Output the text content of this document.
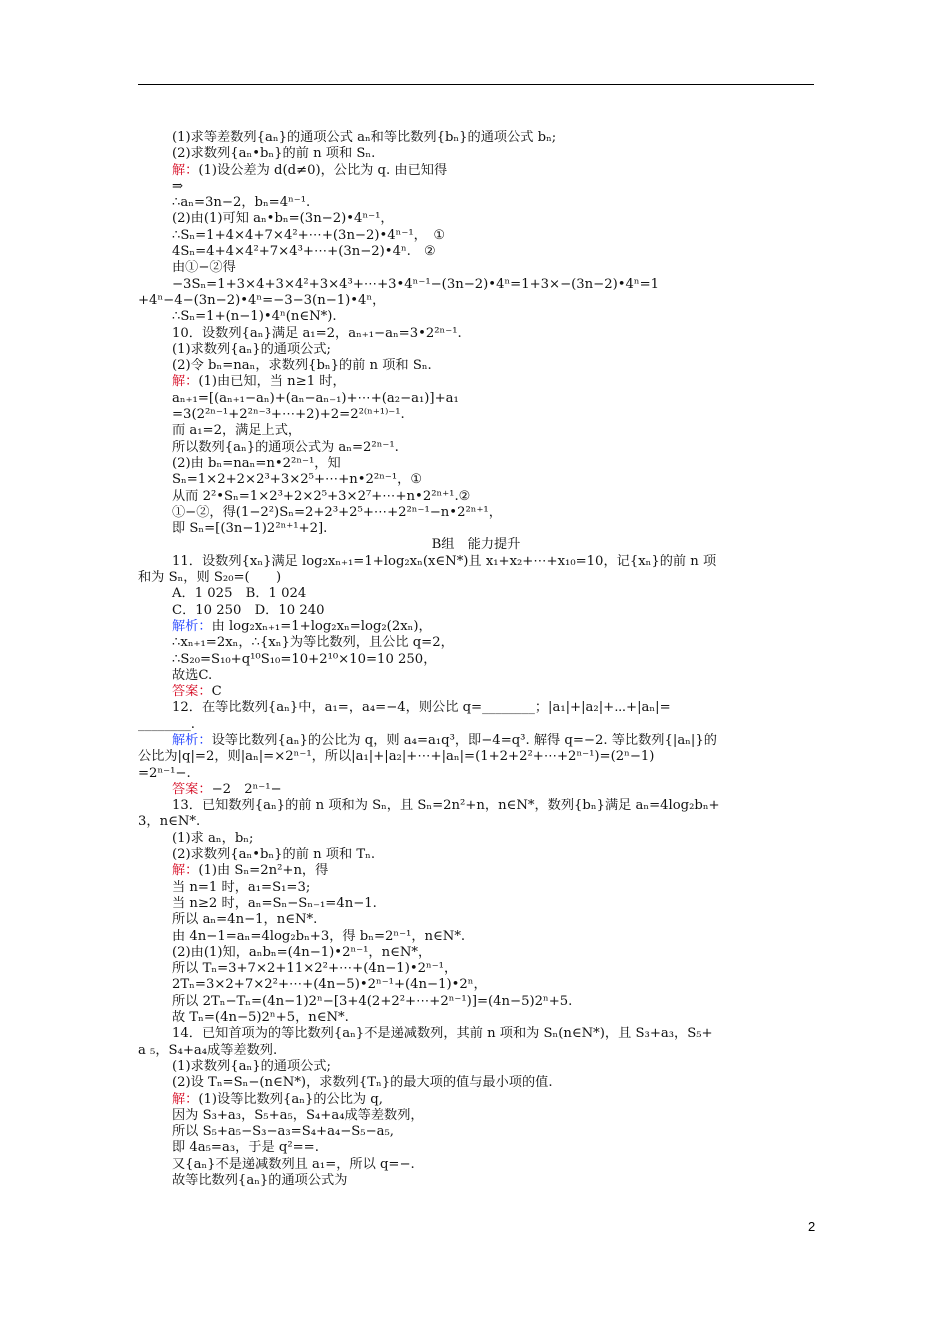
(1)求等差数列{aₙ}的通项公式 aₙ和等比数列{bₙ}的通项公式 bₙ;
(2)求数列{aₙ•bₙ}的前 n 项和 Sₙ.
解：(1)设公差为 d(d≠0)，公比为 q. 由已知得
⇒
∴aₙ=3n−2，bₙ=4ⁿ⁻¹.
(2)由(1)可知 aₙ•bₙ=(3n−2)•4ⁿ⁻¹，
∴Sₙ=1+4×4+7×4²+⋯+(3n−2)•4ⁿ⁻¹，　①
4Sₙ=4+4×4²+7×4³+⋯+(3n−2)•4ⁿ.　②
由①−②得
−3Sₙ=1+3×4+3×4²+3×4³+⋯+3•4ⁿ⁻¹−(3n−2)•4ⁿ=1+3×−(3n−2)•4ⁿ=1
+4ⁿ−4−(3n−2)•4ⁿ=−3−3(n−1)•4ⁿ，
∴Sₙ=1+(n−1)•4ⁿ(n∈N*).
10．设数列{aₙ}满足 a₁=2，aₙ₊₁−aₙ=3•2²ⁿ⁻¹.
(1)求数列{aₙ}的通项公式;
(2)令 bₙ=naₙ，求数列{bₙ}的前 n 项和 Sₙ.
解：(1)由已知，当 n≥1 时，
aₙ₊₁=[(aₙ₊₁−aₙ)+(aₙ−aₙ₋₁)+⋯+(a₂−a₁)]+a₁
=3(2²ⁿ⁻¹+2²ⁿ⁻³+⋯+2)+2=2²⁽ⁿ⁺¹⁾⁻¹.
而 a₁=2，满足上式，
所以数列{aₙ}的通项公式为 aₙ=2²ⁿ⁻¹.
(2)由 bₙ=naₙ=n•2²ⁿ⁻¹，知
Sₙ=1×2+2×2³+3×2⁵+⋯+n•2²ⁿ⁻¹，①
从而 2²•Sₙ=1×2³+2×2⁵+3×2⁷+⋯+n•2²ⁿ⁺¹.②
①−②，得(1−2²)Sₙ=2+2³+2⁵+⋯+2²ⁿ⁻¹−n•2²ⁿ⁺¹，
即 Sₙ=[(3n−1)2²ⁿ⁺¹+2].
B组　能力提升
11．设数列{xₙ}满足 log₂xₙ₊₁=1+log₂xₙ(x∈N*)且 x₁+x₂+⋯+x₁₀=10，记{xₙ}的前 n 项
和为 Sₙ，则 S₂₀=(　　)
A．1 025　B．1 024
C．10 250　D．10 240
解析：由 log₂xₙ₊₁=1+log₂xₙ=log₂(2xₙ)，
∴xₙ₊₁=2xₙ，∴{xₙ}为等比数列，且公比 q=2，
∴S₂₀=S₁₀+q¹⁰S₁₀=10+2¹⁰×10=10 250，
故选C.
答案：C
12．在等比数列{aₙ}中，a₁=，a₄=−4，则公比 q=________；|a₁|+|a₂|+⋯+|aₙ|=
________.
解析：设等比数列{aₙ}的公比为 q，则 a₄=a₁q³，即−4=q³. 解得 q=−2. 等比数列{|aₙ|}的
公比为|q|=2，则|aₙ|=×2ⁿ⁻¹，所以|a₁|+|a₂|+⋯+|aₙ|=(1+2+2²+⋯+2ⁿ⁻¹)=(2ⁿ−1)
=2ⁿ⁻¹−.
答案：−2　2ⁿ⁻¹−
13．已知数列{aₙ}的前 n 项和为 Sₙ，且 Sₙ=2n²+n，n∈N*，数列{bₙ}满足 aₙ=4log₂bₙ+
3，n∈N*.
(1)求 aₙ，bₙ;
(2)求数列{aₙ•bₙ}的前 n 项和 Tₙ.
解：(1)由 Sₙ=2n²+n，得
当 n=1 时，a₁=S₁=3;
当 n≥2 时，aₙ=Sₙ−Sₙ₋₁=4n−1.
所以 aₙ=4n−1，n∈N*.
由 4n−1=aₙ=4log₂bₙ+3，得 bₙ=2ⁿ⁻¹，n∈N*.
(2)由(1)知，aₙbₙ=(4n−1)•2ⁿ⁻¹，n∈N*，
所以 Tₙ=3+7×2+11×2²+⋯+(4n−1)•2ⁿ⁻¹，
2Tₙ=3×2+7×2²+⋯+(4n−5)•2ⁿ⁻¹+(4n−1)•2ⁿ，
所以 2Tₙ−Tₙ=(4n−1)2ⁿ−[3+4(2+2²+⋯+2ⁿ⁻¹)]=(4n−5)2ⁿ+5.
故 Tₙ=(4n−5)2ⁿ+5，n∈N*.
14．已知首项为的等比数列{aₙ}不是递减数列，其前 n 项和为 Sₙ(n∈N*)，且 S₃+a₃，S₅+
a ₅，S₄+a₄成等差数列.
(1)求数列{aₙ}的通项公式;
(2)设 Tₙ=Sₙ−(n∈N*)，求数列{Tₙ}的最大项的值与最小项的值.
解：(1)设等比数列{aₙ}的公比为 q,
因为 S₃+a₃，S₅+a₅，S₄+a₄成等差数列，
所以 S₅+a₅−S₃−a₃=S₄+a₄−S₅−a₅,
即 4a₅=a₃，于是 q²==.
又{aₙ}不是递减数列且 a₁=，所以 q=−.
故等比数列{aₙ}的通项公式为
2
